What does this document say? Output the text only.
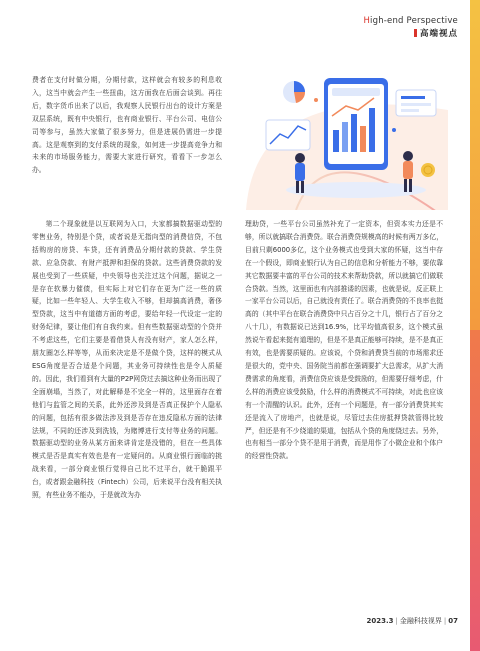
High-end Perspective
高端视点

费者在支付时做分期，分期付款，这样就会有较多的利息收入，这当中就会产生一些扭曲，这方面我在后面会谈到。再往后，数字货币出来了以后，我观察人民银行出台的设计方案是双层系统，既有中央银行，也有商业银行、平台公司、电信公司等参与，虽然大家做了很多努力，但是进展仍需进一步提高。这是观察到的支付系统的现象，如何进一步提高竞争力和未来的市场服务能力，需要大家进行研究，看看下一步怎么办。

第二个现象就是以互联网为入口，大家都搞数据驱动型的零售业务，特别是个贷，或者说是无指向型的消费信贷，不包括购房的房贷、车贷，还有消费品分期付款的贷款、学生贷款、应急贷款、有财产抵押和担保的贷款。这些消费贷款的发展也受到了一些质疑，中央领导也关注过这个问题，据说之一是存在软暴力催债，但实际上对它们存在更为广泛一些的质疑，比如一些年轻人、大学生收入不够，但却搞高消费，奢侈型贷款，这当中有道德方面的考虑，要给年轻一代设定一定的财务纪律，要让他们有自我约束。但有些数据驱动型的个贷并不考虑这些，它们主要是看借贷人有没有财产，家人怎么样，朋友圈怎么样等等，从而来决定是不是做个贷，这样的模式从ESG角度是否合适是个问题，其业务可持续性也是令人质疑的。因此，我们看到有大量的P2P网贷过去搞这种业务而出现了全面崩塌，当然了，对此解释是不完全一样的，这里面存在着他们与监管之间的关系，此外还涉及到是否真正保护个人隐私的问题，包括有很多做法涉及到是否存在违反隐私方面的法律法规，不同的还涉及到洗钱，为赌博进行支付等业务的问题。数据驱动型的业务从某方面来讲肯定是没错的，但在一些具体模式是否是真实有效也是有一定疑问的。从商业银行面临的挑战来看，一部分商业银行觉得自己比不过平台，就干脆跟平台，或者跟金融科技（Fintech）公司，后来说平台没有相关执照，有些业务不能办，于是就改为办

理助贷，一些平台公司虽然补充了一定资本，但资本实力还是不够，所以就搞联合消费贷。联合消费贷规模高的时候有两万多亿，目前只剩6000多亿，这个业务模式也受到大家的怀疑，这当中存在一个假设，即商业银行认为自己的信息和分析能力不够，要依靠其它数据要丰富的平台公司的技术来帮助贷款，所以就搞它们做联合贷款。当然，这里面也有内部推诿的因素，也就是说，反正联上一家平台公司以后，自己就没有责任了。联合消费贷的不良率也挺高的（其中平台在联合消费贷中只占百分之十几，银行占了百分之八十几），有数据说已达到16.9%，比平均值高很多，这个模式虽然说午看起来挺有道理的，但是不是真正能够可持续，是不是真正有效，也是需要质疑的。应该说，个贷和消费贷当前的市场需求还是很大的，党中央、国务院当前都在强调要扩大总需求，从扩大消费需求的角度看，消费信贷应该是受鼓励的，但需要仔细考虑，什么样的消费应该受鼓励，什么样的消费模式不可持续，对此也应该有一个清醒的认识。此外，还有一个问题是，有一部分消费贷其实还是流入了房地产，也就是说，尽管过去住房抵押贷款管得比较严，但还是有不少绕道的渠道，包括从个贷的角度绕过去。另外，也有相当一部分个贷不是用于消费，而是用作了小微企业和个体户的经营性贷款。

2023.3 | 金融科技视界 | 07
